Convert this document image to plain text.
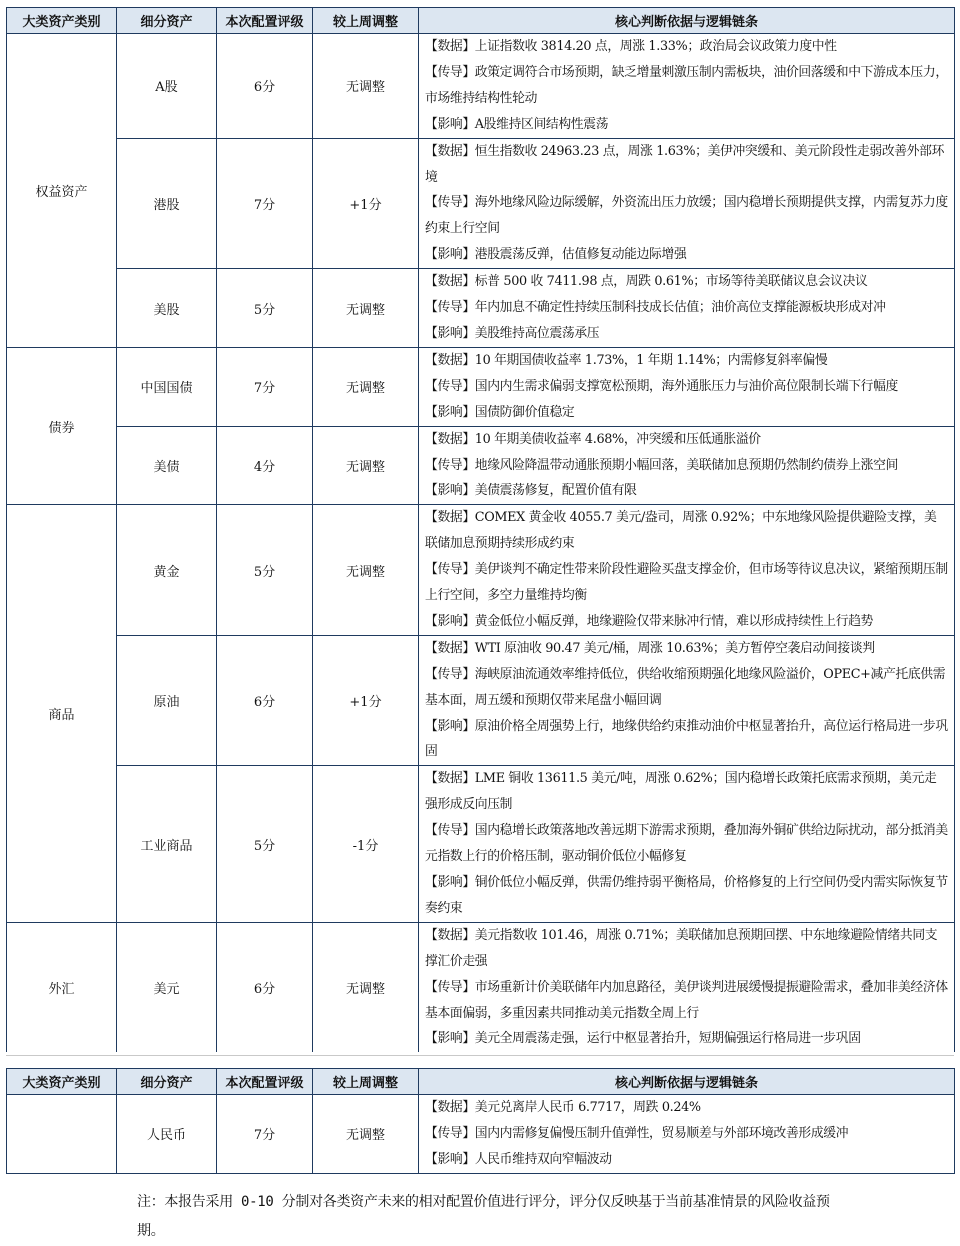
大类资产类别	细分资产	本次配置评级	较上周调整	核心判断依据与逻辑链条
权益资产	A股	6分	无调整	【数据】上证指数收 3814.20 点，周涨 1.33%；政治局会议政策力度中性
【传导】政策定调符合市场预期，缺乏增量刺激压制内需板块，油价回落缓和中下游成本压力，市场维持结构性轮动
【影响】A股维持区间结构性震荡

	港股	7分	+1分	【数据】恒生指数收 24963.23 点，周涨 1.63%；美伊冲突缓和、美元阶段性走弱改善外部环境
【传导】海外地缘风险边际缓解，外资流出压力放缓；国内稳增长预期提供支撑，内需复苏力度约束上行空间
【影响】港股震荡反弹，估值修复动能边际增强

	美股	5分	无调整	【数据】标普 500 收 7411.98 点，周跌 0.61%；市场等待美联储议息会议决议
【传导】年内加息不确定性持续压制科技成长估值；油价高位支撑能源板块形成对冲
【影响】美股维持高位震荡承压

债券	中国国债	7分	无调整	【数据】10 年期国债收益率 1.73%，1 年期 1.14%；内需修复斜率偏慢
【传导】国内内生需求偏弱支撑宽松预期，海外通胀压力与油价高位限制长端下行幅度
【影响】国债防御价值稳定

	美债	4分	无调整	【数据】10 年期美债收益率 4.68%，冲突缓和压低通胀溢价
【传导】地缘风险降温带动通胀预期小幅回落，美联储加息预期仍然制约债券上涨空间
【影响】美债震荡修复，配置价值有限

商品	黄金	5分	无调整	【数据】COMEX 黄金收 4055.7 美元/盎司，周涨 0.92%；中东地缘风险提供避险支撑，美联储加息预期持续形成约束
【传导】美伊谈判不确定性带来阶段性避险买盘支撑金价，但市场等待议息决议，紧缩预期压制上行空间，多空力量维持均衡
【影响】黄金低位小幅反弹，地缘避险仅带来脉冲行情，难以形成持续性上行趋势

	原油	6分	+1分	【数据】WTI 原油收 90.47 美元/桶，周涨 10.63%；美方暂停空袭启动间接谈判
【传导】海峡原油流通效率维持低位，供给收缩预期强化地缘风险溢价，OPEC+减产托底供需基本面，周五缓和预期仅带来尾盘小幅回调
【影响】原油价格全周强势上行，地缘供给约束推动油价中枢显著抬升，高位运行格局进一步巩固

	工业商品	5分	-1分	【数据】LME 铜收 13611.5 美元/吨，周涨 0.62%；国内稳增长政策托底需求预期，美元走强形成反向压制
【传导】国内稳增长政策落地改善远期下游需求预期，叠加海外铜矿供给边际扰动，部分抵消美元指数上行的价格压制，驱动铜价低位小幅修复
【影响】铜价低位小幅反弹，供需仍维持弱平衡格局，价格修复的上行空间仍受内需实际恢复节奏约束

外汇	美元	6分	无调整	【数据】美元指数收 101.46，周涨 0.71%；美联储加息预期回摆、中东地缘避险情绪共同支撑汇价走强
【传导】市场重新计价美联储年内加息路径，美伊谈判进展缓慢提振避险需求，叠加非美经济体基本面偏弱，多重因素共同推动美元指数全周上行
【影响】美元全周震荡走强，运行中枢显著抬升，短期偏强运行格局进一步巩固
大类资产类别	细分资产	本次配置评级	较上周调整	核心判断依据与逻辑链条
	人民币	7分	无调整	【数据】美元兑离岸人民币 6.7717，周跌 0.24%
【传导】国内内需修复偏慢压制升值弹性，贸易顺差与外部环境改善形成缓冲
【影响】人民币维持双向窄幅波动
注：本报告采用 0-10 分制对各类资产未来的相对配置价值进行评分，评分仅反映基于当前基准情景的风险收益预期。
